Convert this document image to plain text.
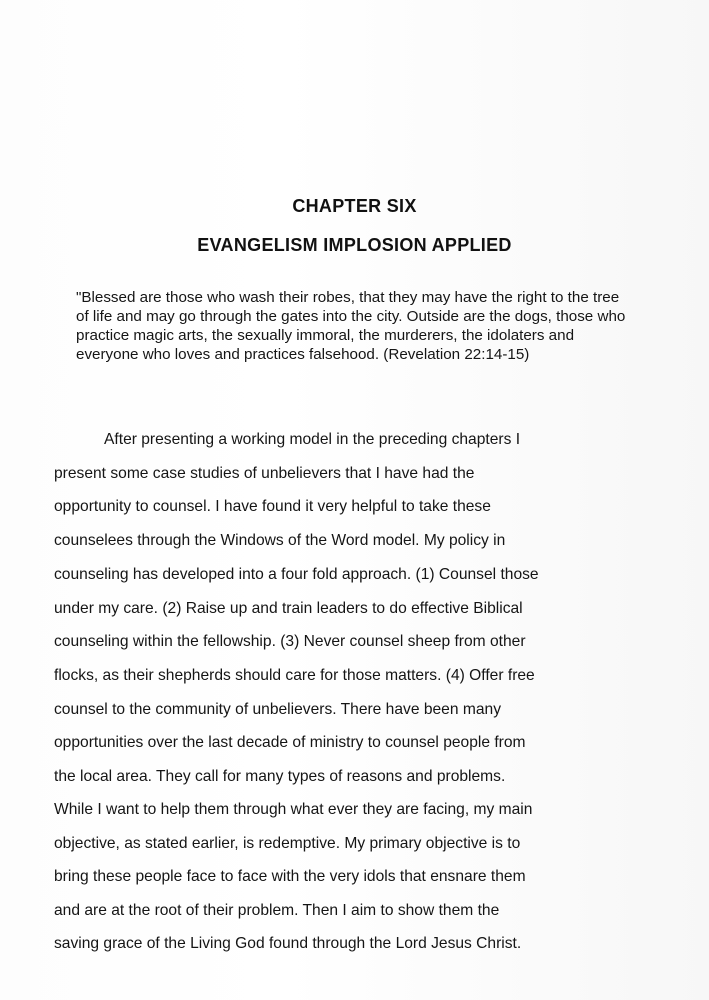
CHAPTER SIX
EVANGELISM IMPLOSION APPLIED

"Blessed are those who wash their robes, that they may have the right to the tree of life and may go through the gates into the city. Outside are the dogs, those who practice magic arts, the sexually immoral, the murderers, the idolaters and everyone who loves and practices falsehood. (Revelation 22:14-15)

After presenting a working model in the preceding chapters I
present some case studies of unbelievers that I have had the
opportunity to counsel. I have found it very helpful to take these
counselees through the Windows of the Word model. My policy in
counseling has developed into a four fold approach. (1) Counsel those
under my care. (2) Raise up and train leaders to do effective Biblical
counseling within the fellowship. (3) Never counsel sheep from other
flocks, as their shepherds should care for those matters. (4) Offer free
counsel to the community of unbelievers. There have been many
opportunities over the last decade of ministry to counsel people from
the local area. They call for many types of reasons and problems.
While I want to help them through what ever they are facing, my main
objective, as stated earlier, is redemptive. My primary objective is to
bring these people face to face with the very idols that ensnare them
and are at the root of their problem. Then I aim to show them the
saving grace of the Living God found through the Lord Jesus Christ.
